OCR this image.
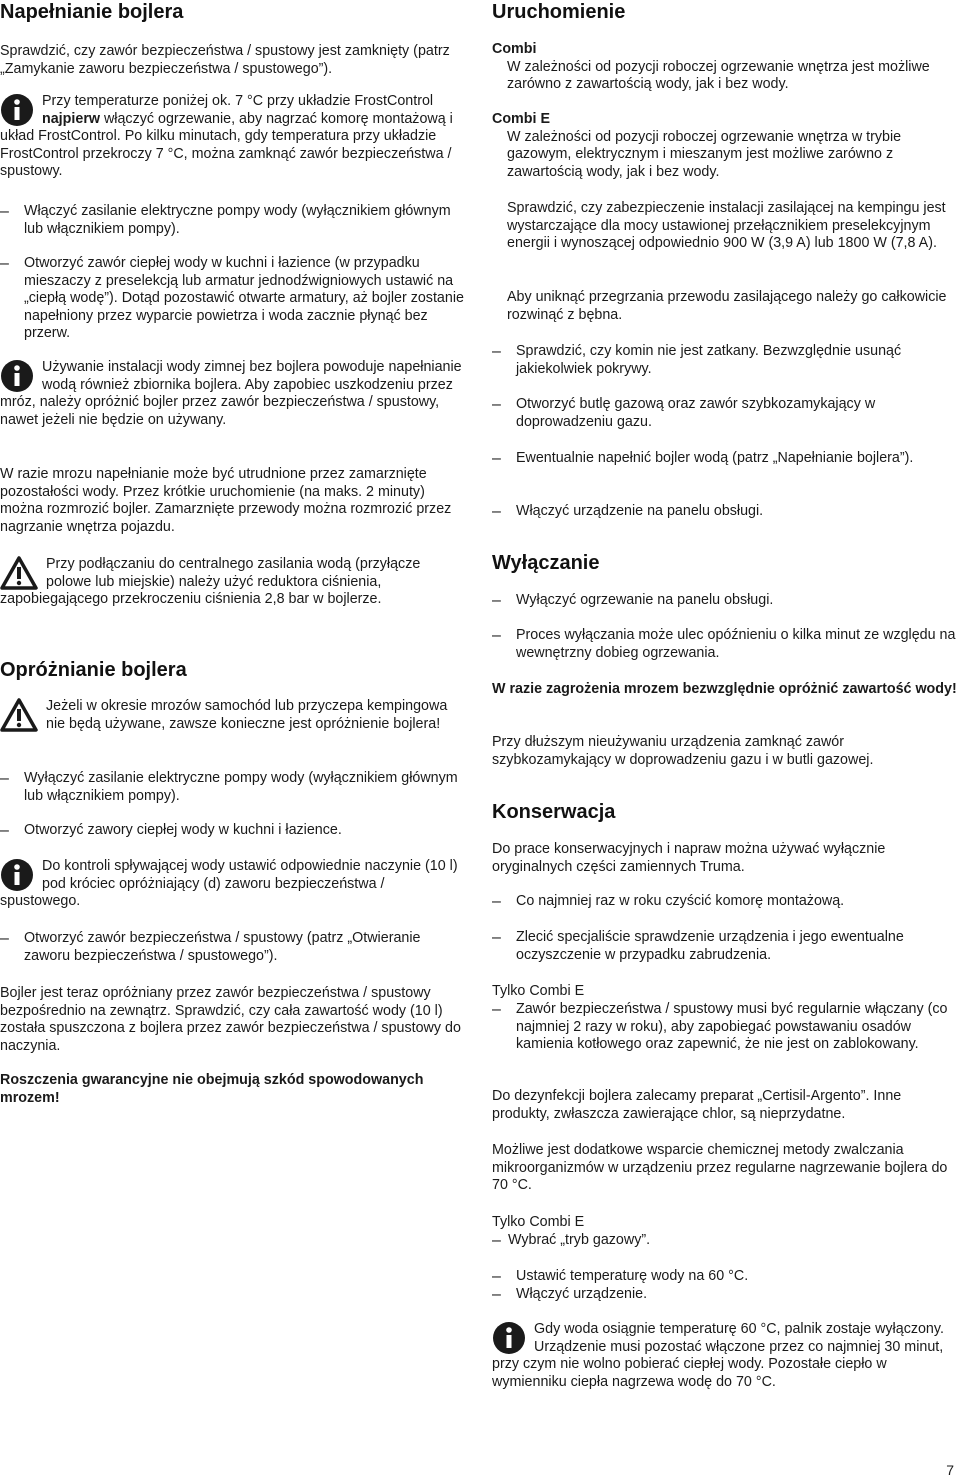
Napełnianie bojlera

Sprawdzić, czy zawór bezpieczeństwa / spustowy jest zamknięty (patrz „Zamykanie zaworu bezpieczeństwa / spustowego”).

Przy temperaturze poniżej ok. 7 °C przy układzie FrostControl najpierw włączyć ogrzewanie, aby nagrzać komorę montażową i układ FrostControl. Po kilku minutach, gdy temperatura przy układzie FrostControl przekroczy 7 °C, można zamknąć zawór bezpieczeństwa / spustowy.

–	Włączyć zasilanie elektryczne pompy wody (wyłącznikiem głównym lub włącznikiem pompy).

–	Otworzyć zawór ciepłej wody w kuchni i łazience (w przypadku mieszaczy z preselekcją lub armatur jednodźwigniowych ustawić na „ciepłą wodę”). Dotąd pozostawić otwarte armatury, aż bojler zostanie napełniony przez wyparcie powietrza i woda zacznie płynąć bez przerw.

Używanie instalacji wody zimnej bez bojlera powoduje napełnianie wodą również zbiornika bojlera. Aby zapobiec uszkodzeniu przez mróz, należy opróżnić bojler przez zawór bezpieczeństwa / spustowy, nawet jeżeli nie będzie on używany.

W razie mrozu napełnianie może być utrudnione przez zamarznięte pozostałości wody. Przez krótkie uruchomienie (na maks. 2 minuty) można rozmrozić bojler. Zamarznięte przewody można rozmrozić przez nagrzanie wnętrza pojazdu.

Przy podłączaniu do centralnego zasilania wodą (przyłącze polowe lub miejskie) należy użyć reduktora ciśnienia, zapobiegającego przekroczeniu ciśnienia 2,8 bar w bojlerze.

Opróżnianie bojlera

Jeżeli w okresie mrozów samochód lub przyczepa kempingowa nie będą używane, zawsze konieczne jest opróżnienie bojlera!

–	Wyłączyć zasilanie elektryczne pompy wody (wyłącznikiem głównym lub włącznikiem pompy).

–	Otworzyć zawory ciepłej wody w kuchni i łazience.

Do kontroli spływającej wody ustawić odpowiednie naczynie (10 l) pod króciec opróżniający (d) zaworu bezpieczeństwa / spustowego.

–	Otworzyć zawór bezpieczeństwa / spustowy (patrz „Otwieranie zaworu bezpieczeństwa / spustowego”).

Bojler jest teraz opróżniany przez zawór bezpieczeństwa / spustowy bezpośrednio na zewnątrz. Sprawdzić, czy cała zawartość wody (10 l) została spuszczona z bojlera przez zawór bezpieczeństwa / spustowy do naczynia.

Roszczenia gwarancyjne nie obejmują szkód spowodowanych mrozem!

Uruchomienie
Combi

W zależności od pozycji roboczej ogrzewanie wnętrza jest możliwe zarówno z zawartością wody, jak i bez wody.

Combi E

W zależności od pozycji roboczej ogrzewanie wnętrza w trybie gazowym, elektrycznym i mieszanym jest możliwe zarówno z zawartością wody, jak i bez wody.

Sprawdzić, czy zabezpieczenie instalacji zasilającej na kempingu jest wystarczające dla mocy ustawionej przełącznikiem preselekcyjnym energii i wynoszącej odpowiednio 900 W (3,9 A) lub 1800 W (7,8 A).

Aby uniknąć przegrzania przewodu zasilającego należy go całkowicie rozwinąć z bębna.

–	Sprawdzić, czy komin nie jest zatkany. Bezwzględnie usunąć jakiekolwiek pokrywy.

–	Otworzyć butlę gazową oraz zawór szybkozamykający w doprowadzeniu gazu.

–	Ewentualnie napełnić bojler wodą (patrz „Napełnianie bojlera”).

–	Włączyć urządzenie na panelu obsługi.

Wyłączanie
–	Wyłączyć ogrzewanie na panelu obsługi.

–	Proces wyłączania może ulec opóźnieniu o kilka minut ze względu na wewnętrzny dobieg ogrzewania.

W razie zagrożenia mrozem bezwzględnie opróżnić zawartość wody!

Przy dłuższym nieużywaniu urządzenia zamknąć zawór szybkozamykający w doprowadzeniu gazu i w butli gazowej.

Konserwacja

Do prace konserwacyjnych i napraw można używać wyłącznie oryginalnych części zamiennych Truma.

–	Co najmniej raz w roku czyścić komorę montażową.

–	Zlecić specjaliście sprawdzenie urządzenia i jego ewentualne oczyszczenie w przypadku zabrudzenia.

Tylko Combi E

–	Zawór bezpieczeństwa / spustowy musi być regularnie włączany (co najmniej 2 razy w roku), aby zapobiegać powstawaniu osadów kamienia kotłowego oraz zapewnić, że nie jest on zablokowany.

Do dezynfekcji bojlera zalecamy preparat „Certisil-Argento”. Inne produkty, zwłaszcza zawierające chlor, są nieprzydatne.

Możliwe jest dodatkowe wsparcie chemicznej metody zwalczania mikroorganizmów w urządzeniu przez regularne nagrzewanie bojlera do 70 °C.

Tylko Combi E

– Wybrać „tryb gazowy”.

–	Ustawić temperaturę wody na 60 °C.

–	Włączyć urządzenie.

Gdy woda osiągnie temperaturę 60 °C, palnik zostaje wyłączony. Urządzenie musi pozostać włączone przez co najmniej 30 minut, przy czym nie wolno pobierać ciepłej wody. Pozostałe ciepło w wymienniku ciepła nagrzewa wodę do 70 °C.

7
